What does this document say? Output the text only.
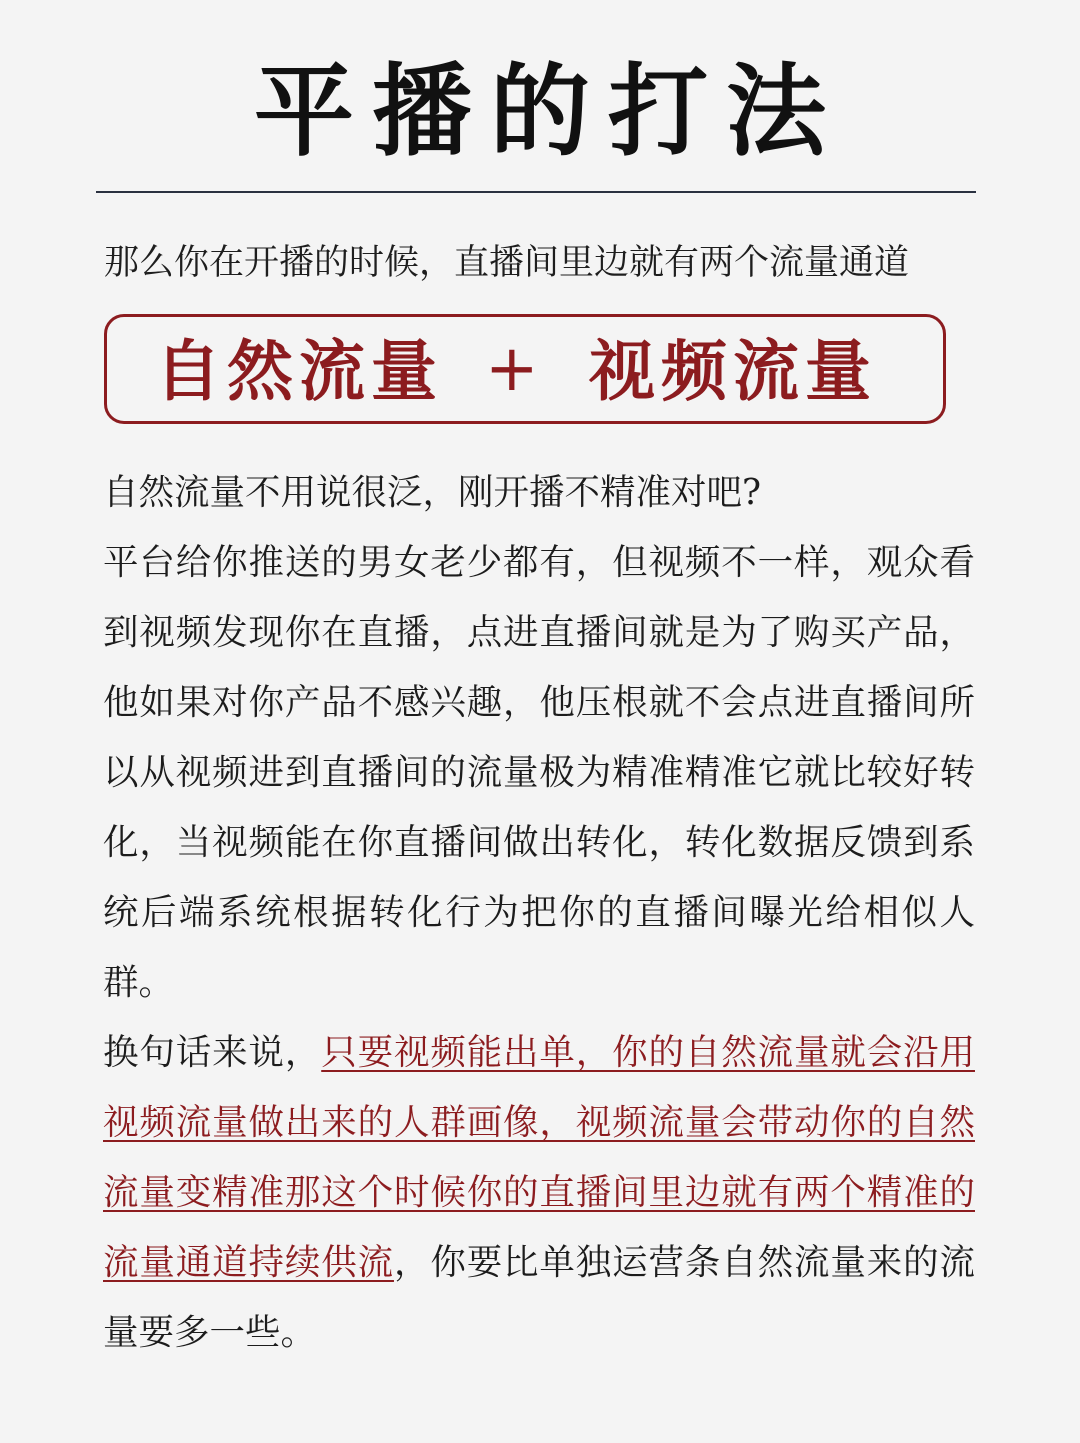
平播的打法
那么你在开播的时候，直播间里边就有两个流量通道
自然流量 + 视频流量

自然流量不用说很泛，刚开播不精准对吧?

平台给你推送的男女老少都有，但视频不一样，观众看到视频发现你在直播，点进直播间就是为了购买产品，他如果对你产品不感兴趣，他压根就不会点进直播间所以从视频进到直播间的流量极为精准精准它就比较好转化，当视频能在你直播间做出转化，转化数据反馈到系统后端系统根据转化行为把你的直播间曝光给相似人群。

换句话来说，只要视频能出单，你的自然流量就会沿用视频流量做出来的人群画像，视频流量会带动你的自然流量变精准那这个时候你的直播间里边就有两个精准的流量通道持续供流，你要比单独运营条自然流量来的流量要多一些。
